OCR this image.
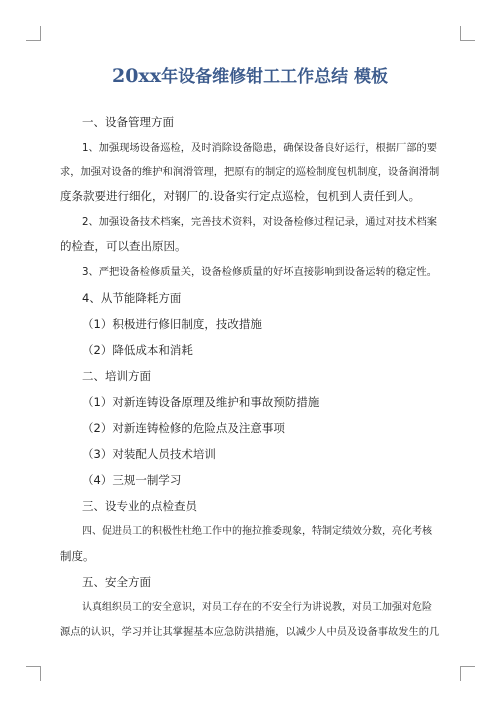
20xx年设备维修钳工工作总结 模板

一、设备管理方面

1、加强现场设备巡检，及时消除设备隐患，确保设备良好运行，根据厂部的要

求，加强对设备的维护和润滑管理，把原有的制定的巡检制度包机制度，设备润滑制

度条款要进行细化，对钢厂的.设备实行定点巡检，包机到人责任到人。

2、加强设备技术档案，完善技术资料，对设备检修过程记录，通过对技术档案

的检查，可以查出原因。

3、严把设备检修质量关，设备检修质量的好坏直接影响到设备运转的稳定性。

4、从节能降耗方面

（1）积极进行修旧制度，技改措施

（2）降低成本和消耗

二、培训方面

（1）对新连铸设备原理及维护和事故预防措施

（2）对新连铸检修的危险点及注意事项

（3）对装配人员技术培训

（4）三规一制学习

三、设专业的点检查员

四、促进员工的积极性杜绝工作中的拖拉推委现象，特制定绩效分数，亮化考核

制度。

五、安全方面

认真组织员工的安全意识，对员工存在的不安全行为讲说教，对员工加强对危险

源点的认识，学习并让其掌握基本应急防洪措施，以减少人中员及设备事故发生的几
